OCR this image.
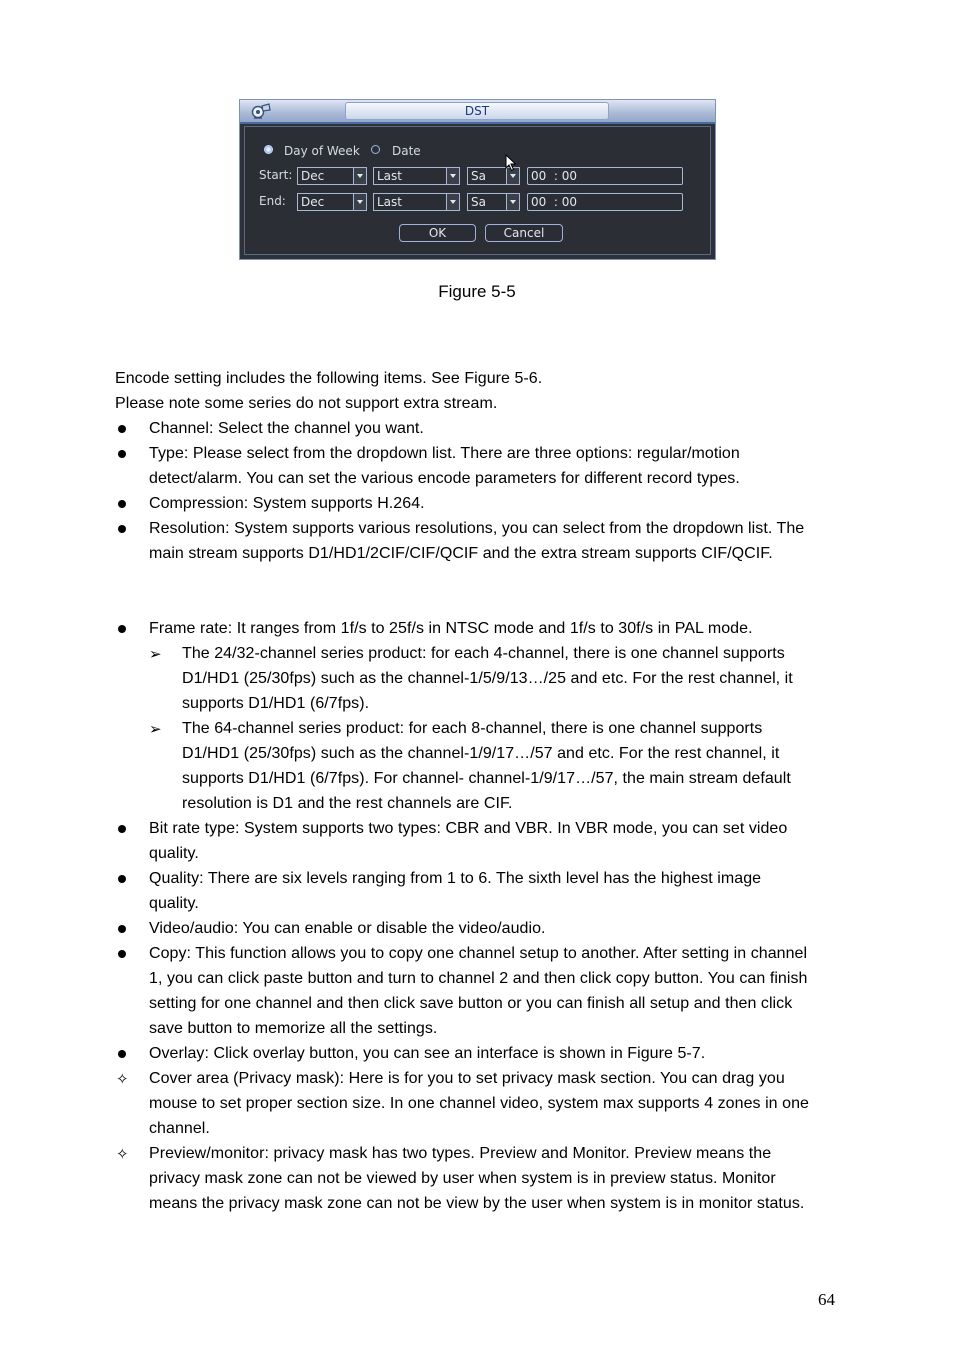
DST
Day of Week	Date
Start: Dec	Last	Sa	00  : 00
End:	Dec	Last	Sa	00  : 00
OK	Cancel
Figure 5-5
Encode setting includes the following items. See Figure 5-6.
Please note some series do not support extra stream.
Channel: Select the channel you want.
Type: Please select from the dropdown list. There are three options: regular/motion
detect/alarm. You can set the various encode parameters for different record types.
Compression: System supports H.264.
Resolution: System supports various resolutions, you can select from the dropdown list. The
main stream supports D1/HD1/2CIF/CIF/QCIF and the extra stream supports CIF/QCIF.
Frame rate: It ranges from 1f/s to 25f/s in NTSC mode and 1f/s to 30f/s in PAL mode.
➢ The 24/32-channel series product: for each 4-channel, there is one channel supports
D1/HD1 (25/30fps) such as the channel-1/5/9/13…/25 and etc. For the rest channel, it
supports D1/HD1 (6/7fps).
➢ The 64-channel series product: for each 8-channel, there is one channel supports
D1/HD1 (25/30fps) such as the channel-1/9/17…/57 and etc. For the rest channel, it
supports D1/HD1 (6/7fps). For channel- channel-1/9/17…/57, the main stream default
resolution is D1 and the rest channels are CIF.
Bit rate type: System supports two types: CBR and VBR. In VBR mode, you can set video
quality.
Quality: There are six levels ranging from 1 to 6. The sixth level has the highest image
quality.
Video/audio: You can enable or disable the video/audio.
Copy: This function allows you to copy one channel setup to another. After setting in channel
1, you can click paste button and turn to channel 2 and then click copy button. You can finish
setting for one channel and then click save button or you can finish all setup and then click
save button to memorize all the settings.
Overlay: Click overlay button, you can see an interface is shown in Figure 5-7.
✧ Cover area (Privacy mask): Here is for you to set privacy mask section. You can drag you
mouse to set proper section size. In one channel video, system max supports 4 zones in one
channel.
✧ Preview/monitor: privacy mask has two types. Preview and Monitor. Preview means the
privacy mask zone can not be viewed by user when system is in preview status. Monitor
means the privacy mask zone can not be view by the user when system is in monitor status.
64
